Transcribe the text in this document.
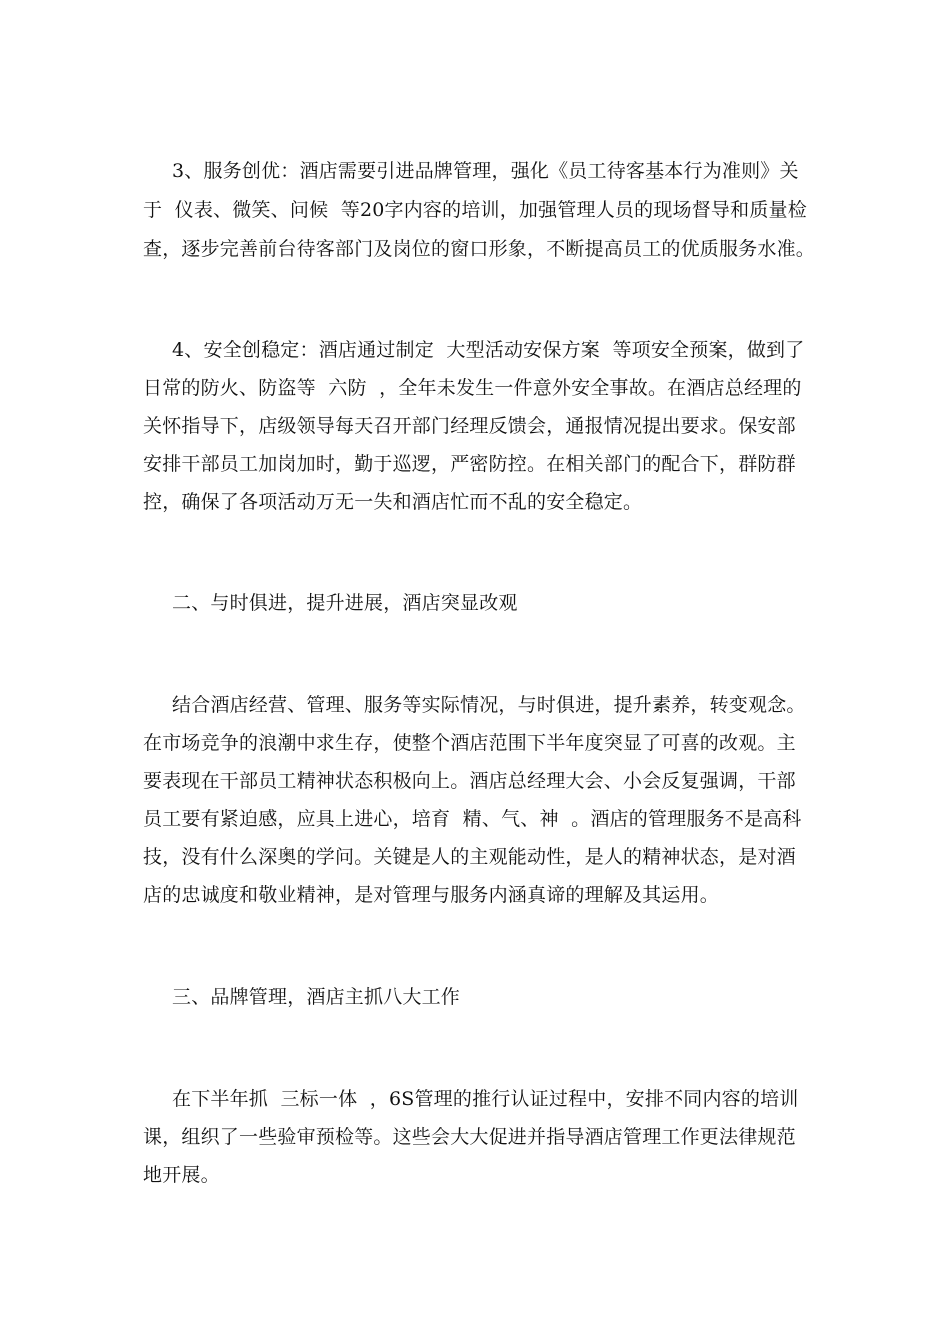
3、服务创优：酒店需要引进品牌管理，强化《员工待客基本行为准则》关
于  仪表、微笑、问候  等20字内容的培训，加强管理人员的现场督导和质量检
查，逐步完善前台待客部门及岗位的窗口形象，不断提高员工的优质服务水准。
4、安全创稳定：酒店通过制定  大型活动安保方案  等项安全预案，做到了
日常的防火、防盗等  六防  ，全年未发生一件意外安全事故。在酒店总经理的
关怀指导下，店级领导每天召开部门经理反馈会，通报情况提出要求。保安部
安排干部员工加岗加时，勤于巡逻，严密防控。在相关部门的配合下，群防群
控，确保了各项活动万无一失和酒店忙而不乱的安全稳定。
二、与时俱进，提升进展，酒店突显改观
结合酒店经营、管理、服务等实际情况，与时俱进，提升素养，转变观念。
在市场竞争的浪潮中求生存，使整个酒店范围下半年度突显了可喜的改观。主
要表现在干部员工精神状态积极向上。酒店总经理大会、小会反复强调，干部
员工要有紧迫感，应具上进心，培育  精、气、神  。酒店的管理服务不是高科
技，没有什么深奥的学问。关键是人的主观能动性，是人的精神状态，是对酒
店的忠诚度和敬业精神，是对管理与服务内涵真谛的理解及其运用。
三、品牌管理，酒店主抓八大工作
在下半年抓  三标一体  ，6S管理的推行认证过程中，安排不同内容的培训
课，组织了一些验审预检等。这些会大大促进并指导酒店管理工作更法律规范
地开展。
